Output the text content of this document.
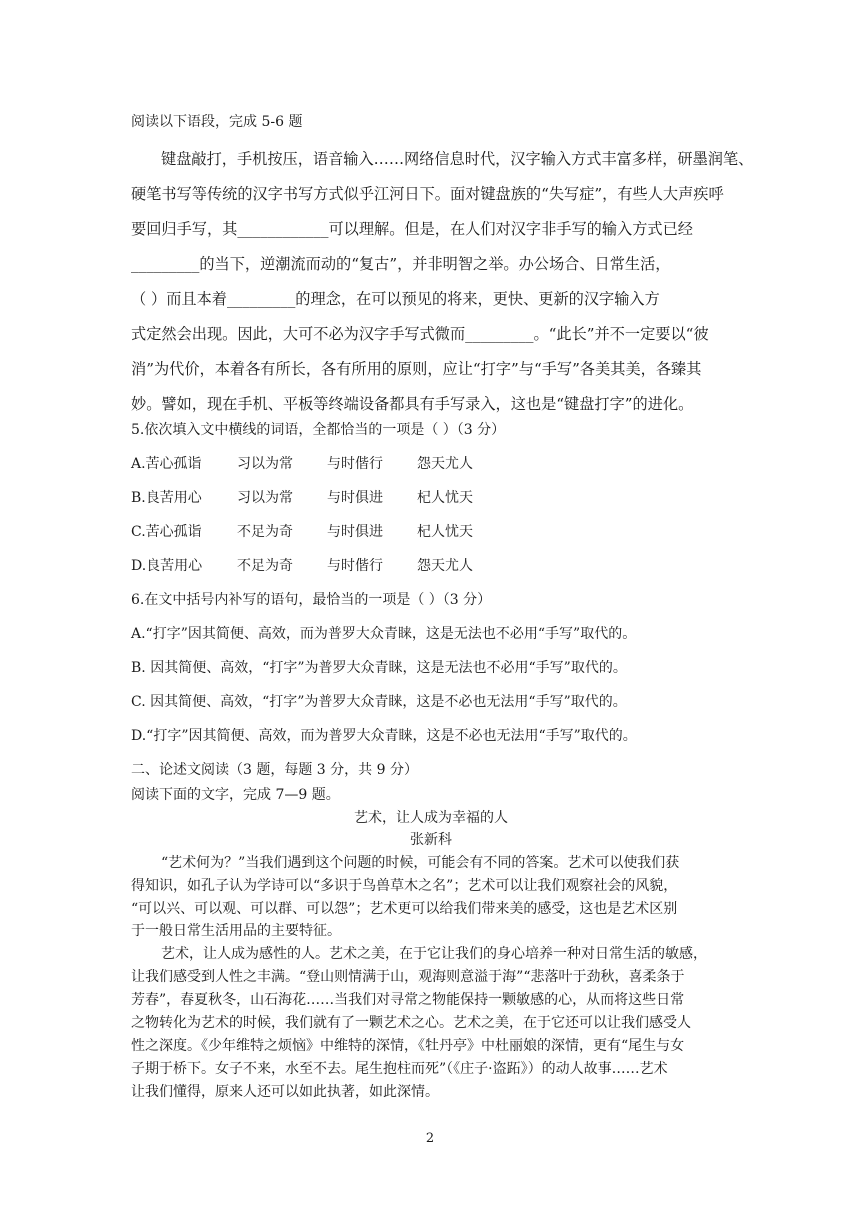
阅读以下语段，完成 5-6 题
键盘敲打，手机按压，语音输入……网络信息时代，汉字输入方式丰富多样，研墨润笔、
硬笔书写等传统的汉字书写方式似乎江河日下。面对键盘族的“失写症”，有些人大声疾呼
要回归手写，其____________可以理解。但是，在人们对汉字非手写的输入方式已经
_________的当下，逆潮流而动的“复古”，并非明智之举。办公场合、日常生活，
（ ）而且本着_________的理念，在可以预见的将来，更快、更新的汉字输入方
式定然会出现。因此，大可不必为汉字手写式微而_________。“此长”并不一定要以“彼
消”为代价，本着各有所长，各有所用的原则，应让“打字”与“手写”各美其美，各臻其
妙。譬如，现在手机、平板等终端设备都具有手写录入，这也是“键盘打字”的进化。
5.依次填入文中横线的词语，全都恰当的一项是（ ）（3 分）
A.苦心孤诣	习以为常 与时偕行 怨天尤人
B.良苦用心	习以为常 与时俱进 杞人忧天
C.苦心孤诣	不足为奇 与时俱进 杞人忧天
D.良苦用心 不足为奇 与时偕行 怨天尤人
6.在文中括号内补写的语句，最恰当的一项是（ ）（3 分）
A.“打字”因其简便、高效，而为普罗大众青睐，这是无法也不必用“手写”取代的。
B. 因其简便、高效，“打字”为普罗大众青睐，这是无法也不必用“手写”取代的。
C. 因其简便、高效，“打字”为普罗大众青睐，这是不必也无法用“手写”取代的。
D.“打字”因其简便、高效，而为普罗大众青睐，这是不必也无法用“手写”取代的。
二、论述文阅读（3 题，每题 3 分，共 9 分）
阅读下面的文字，完成 7—9 题。
艺术，让人成为幸福的人
张新科
“艺术何为？”当我们遇到这个问题的时候，可能会有不同的答案。艺术可以使我们获
得知识，如孔子认为学诗可以“多识于鸟兽草木之名”；艺术可以让我们观察社会的风貌，
“可以兴、可以观、可以群、可以怨”；艺术更可以给我们带来美的感受，这也是艺术区别
于一般日常生活用品的主要特征。
艺术，让人成为感性的人。艺术之美，在于它让我们的身心培养一种对日常生活的敏感，
让我们感受到人性之丰满。“登山则情满于山，观海则意溢于海”“悲落叶于劲秋，喜柔条于
芳春”，春夏秋冬，山石海花……当我们对寻常之物能保持一颗敏感的心，从而将这些日常
之物转化为艺术的时候，我们就有了一颗艺术之心。艺术之美，在于它还可以让我们感受人
性之深度。《少年维特之烦恼》中维特的深情，《牡丹亭》中杜丽娘的深情，更有“尾生与女
子期于桥下。女子不来，水至不去。尾生抱柱而死”（《庄子·盗跖》）的动人故事……艺术
让我们懂得，原来人还可以如此执著，如此深情。
2
